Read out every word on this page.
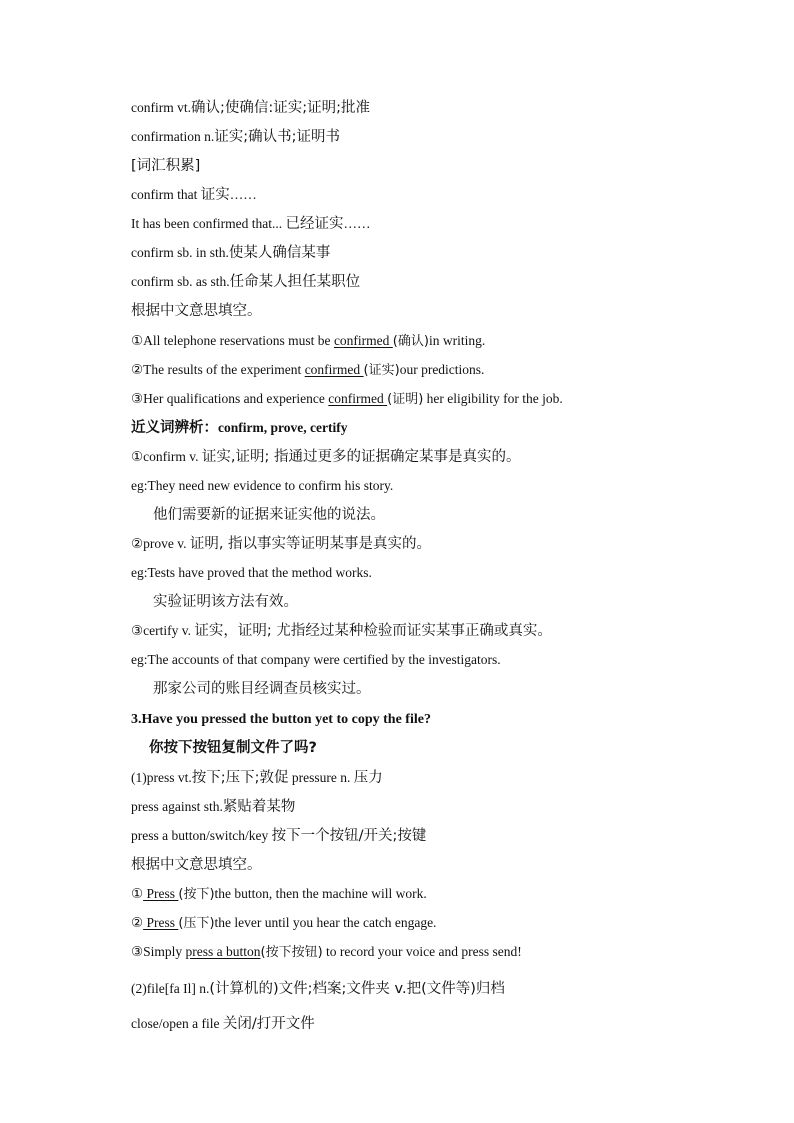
confirm vt.确认;使确信:证实;证明;批准
confirmation n.证实;确认书;证明书
[词汇积累]
confirm that 证实……
It has been confirmed that... 已经证实……
confirm sb. in sth.使某人确信某事
confirm sb. as sth.任命某人担任某职位
根据中文意思填空。
①All telephone reservations must be confirmed (确认)in writing.
②The results of the experiment confirmed (证实)our predictions.
③Her qualifications and experience confirmed (证明) her eligibility for the job.
近义词辨析：confirm, prove, certify
①confirm v. 证实,证明; 指通过更多的证据确定某事是真实的。
eg:They need new evidence to confirm his story.
他们需要新的证据来证实他的说法。
②prove v. 证明, 指以事实等证明某事是真实的。
eg:Tests have proved that the method works.
实验证明该方法有效。
③certify v. 证实，证明; 尤指经过某种检验而证实某事正确或真实。
eg:The accounts of that company were certified by the investigators.
那家公司的账目经调查员核实过。
3.Have you pressed the button yet to copy the file?
你按下按钮复制文件了吗?
(1)press vt.按下;压下;敦促 pressure n. 压力
press against sth.紧贴着某物
press a button/switch/key 按下一个按钮/开关;按键
根据中文意思填空。
① Press (按下)the button, then the machine will work.
② Press (压下)the lever until you hear the catch engage.
③Simply press a button(按下按钮) to record your voice and press send!
(2)file[fa Il] n.(计算机的)文件;档案;文件夹 v.把(文件等)归档
close/open a file 关闭/打开文件
